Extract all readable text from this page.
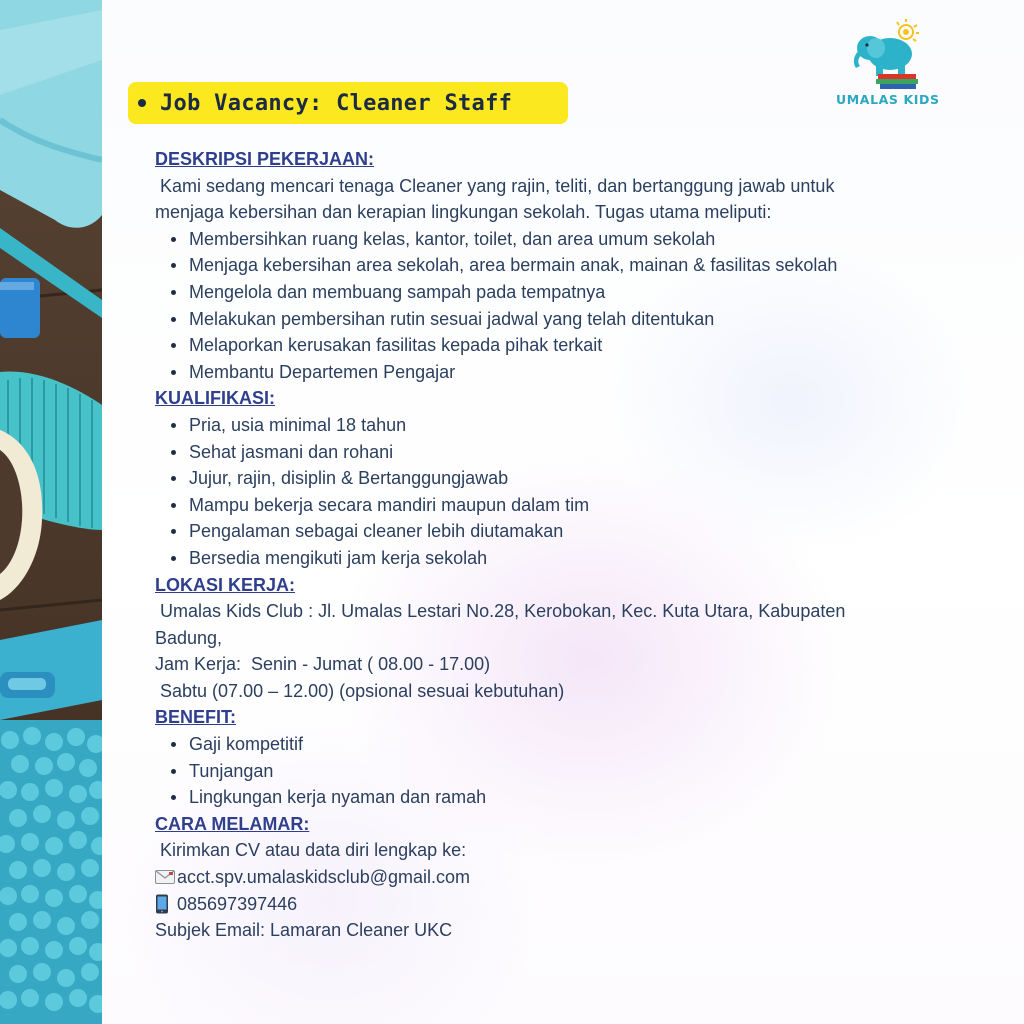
Job Vacancy: Cleaner Staff	UMALAS KIDS

DESKRIPSI PEKERJAAN:

Kami sedang mencari tenaga Cleaner yang rajin, teliti, dan bertanggung jawab untuk

menjaga kebersihan dan kerapian lingkungan sekolah. Tugas utama meliputi:

Membersihkan ruang kelas, kantor, toilet, dan area umum sekolah
Menjaga kebersihan area sekolah, area bermain anak, mainan & fasilitas sekolah
Mengelola dan membuang sampah pada tempatnya
Melakukan pembersihan rutin sesuai jadwal yang telah ditentukan
Melaporkan kerusakan fasilitas kepada pihak terkait
Membantu Departemen Pengajar

KUALIFIKASI:

Pria, usia minimal 18 tahun
Sehat jasmani dan rohani
Jujur, rajin, disiplin & Bertanggungjawab
Mampu bekerja secara mandiri maupun dalam tim
Pengalaman sebagai cleaner lebih diutamakan
Bersedia mengikuti jam kerja sekolah

LOKASI KERJA:

Umalas Kids Club : Jl. Umalas Lestari No.28, Kerobokan, Kec. Kuta Utara, Kabupaten

Badung,

Jam Kerja:  Senin - Jumat ( 08.00 - 17.00)

Sabtu (07.00 – 12.00) (opsional sesuai kebutuhan)

BENEFIT:

Gaji kompetitif
Tunjangan
Lingkungan kerja nyaman dan ramah

CARA MELAMAR:

Kirimkan CV atau data diri lengkap ke:

acct.spv.umalaskidsclub@gmail.com
085697397446

Subjek Email: Lamaran Cleaner UKC
